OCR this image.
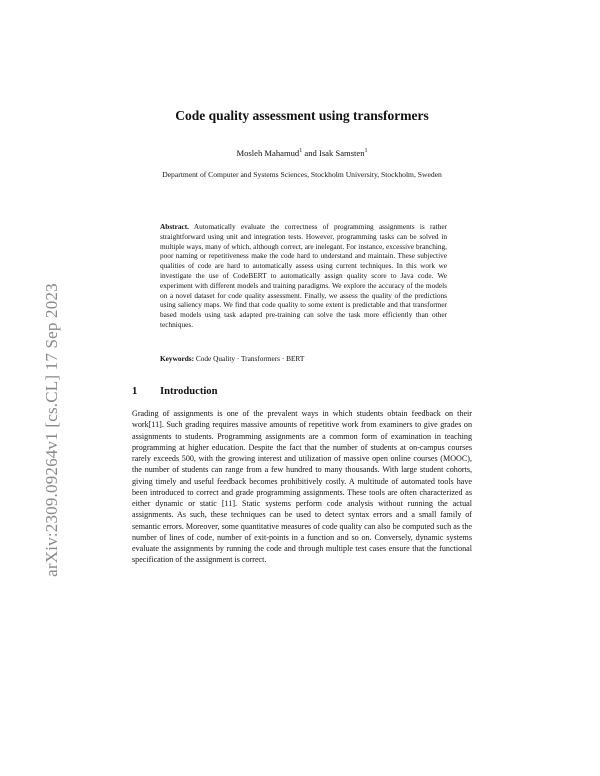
arXiv:2309.09264v1 [cs.CL] 17 Sep 2023
Code quality assessment using transformers
Mosleh Mahamud$^1$ and Isak Samsten$^1$
Department of Computer and Systems Sciences, Stockholm University, Stockholm, Sweden
Abstract. Automatically evaluate the correctness of programming assignments is rather straightforward using unit and integration tests. However, programming tasks can be solved in multiple ways, many of which, although correct, are inelegant. For instance, excessive branching, poor naming or repetitiveness make the code hard to understand and maintain. These subjective qualities of code are hard to automatically assess using current techniques. In this work we investigate the use of CodeBERT to automatically assign quality score to Java code. We experiment with different models and training paradigms. We explore the accuracy of the models on a novel dataset for code quality assessment. Finally, we assess the quality of the predictions using saliency maps. We find that code quality to some extent is predictable and that transformer based models using task adapted pre-training can solve the task more efficiently than other techniques.
Keywords: Code Quality · Transformers · BERT
1 Introduction
Grading of assignments is one of the prevalent ways in which students obtain feedback on their work[11]. Such grading requires massive amounts of repetitive work from examiners to give grades on assignments to students. Programming assignments are a common form of examination in teaching programming at higher education. Despite the fact that the number of students at on-campus courses rarely exceeds 500, with the growing interest and utilization of massive open online courses (MOOC), the number of students can range from a few hundred to many thousands. With large student cohorts, giving timely and useful feedback becomes prohibitively costly. A multitude of automated tools have been introduced to correct and grade programming assignments. These tools are often characterized as either dynamic or static [11]. Static systems perform code analysis without running the actual assignments. As such, these techniques can be used to detect syntax errors and a small family of semantic errors. Moreover, some quantitative measures of code quality can also be computed such as the number of lines of code, number of exit-points in a function and so on. Conversely, dynamic systems evaluate the assignments by running the code and through multiple test cases ensure that the functional specification of the assignment is correct.
